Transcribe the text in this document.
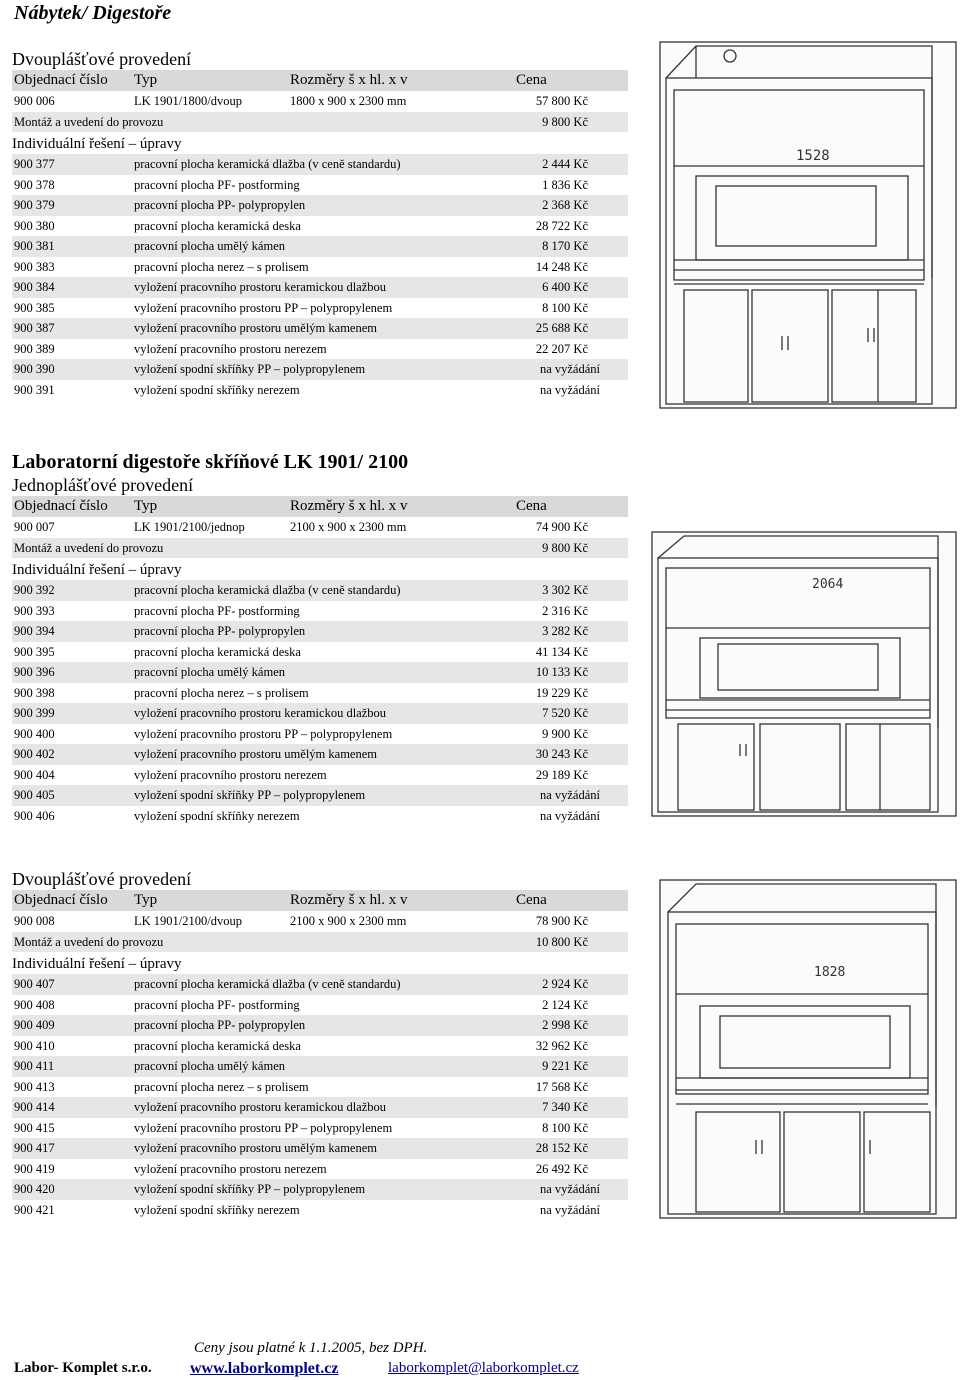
Nábytek/ Digestoře
Dvouplášťové provedení
Objednací číslo Typ	Rozměry š x hl. x v	Cena
900 006	LK 1901/1800/dvoup	1800 x 900 x 2300 mm	57 800 Kč
Montáž a uvedení do provozu	9 800 Kč
Individuální řešení – úpravy
900 377	pracovní plocha keramická dlažba (v ceně standardu)	2 444 Kč
900 378	pracovní plocha PF- postforming	1 836 Kč
900 379	pracovní plocha PP- polypropylen	2 368 Kč
900 380	pracovní plocha keramická deska	28 722 Kč
900 381	pracovní plocha umělý kámen	8 170 Kč
900 383	pracovní plocha nerez – s prolisem	14 248 Kč
900 384	vyložení pracovního prostoru keramickou dlažbou	6 400 Kč
900 385	vyložení pracovního prostoru PP – polypropylenem	8 100 Kč
900 387	vyložení pracovního prostoru umělým kamenem	25 688 Kč
900 389	vyložení pracovního prostoru nerezem	22 207 Kč
900 390	vyložení spodní skříňky PP – polypropylenem	na vyžádání
900 391	vyložení spodní skříňky nerezem	na vyžádání
Laboratorní digestoře skříňové LK 1901/ 2100
Jednoplášťové provedení
Objednací číslo Typ	Rozměry š x hl. x v	Cena
900 007	LK 1901/2100/jednop	2100 x 900 x 2300 mm	74 900 Kč
Montáž a uvedení do provozu	9 800 Kč
Individuální řešení – úpravy
900 392	pracovní plocha keramická dlažba (v ceně standardu)	3 302 Kč
900 393	pracovní plocha PF- postforming	2 316 Kč
900 394	pracovní plocha PP- polypropylen	3 282 Kč
900 395	pracovní plocha keramická deska	41 134 Kč
900 396	pracovní plocha umělý kámen	10 133 Kč
900 398	pracovní plocha nerez – s prolisem	19 229 Kč
900 399	vyložení pracovního prostoru keramickou dlažbou	7 520 Kč
900 400	vyložení pracovního prostoru PP – polypropylenem	9 900 Kč
900 402	vyložení pracovního prostoru umělým kamenem	30 243 Kč
900 404	vyložení pracovního prostoru nerezem	29 189 Kč
900 405	vyložení spodní skříňky PP – polypropylenem	na vyžádání
900 406	vyložení spodní skříňky nerezem	na vyžádání
Dvouplášťové provedení
Objednací číslo Typ	Rozměry š x hl. x v	Cena
900 008	LK 1901/2100/dvoup	2100 x 900 x 2300 mm	78 900 Kč
Montáž a uvedení do provozu	10 800 Kč
Individuální řešení – úpravy
900 407	pracovní plocha keramická dlažba (v ceně standardu)	2 924 Kč
900 408	pracovní plocha PF- postforming	2 124 Kč
900 409	pracovní plocha PP- polypropylen	2 998 Kč
900 410	pracovní plocha keramická deska	32 962 Kč
900 411	pracovní plocha umělý kámen	9 221 Kč
900 413	pracovní plocha nerez – s prolisem	17 568 Kč
900 414	vyložení pracovního prostoru keramickou dlažbou	7 340 Kč
900 415	vyložení pracovního prostoru PP – polypropylenem	8 100 Kč
900 417	vyložení pracovního prostoru umělým kamenem	28 152 Kč
900 419	vyložení pracovního prostoru nerezem	26 492 Kč
900 420	vyložení spodní skříňky PP – polypropylenem	na vyžádání
900 421	vyložení spodní skříňky nerezem	na vyžádání
1528
2064
1828
Ceny jsou platné k 1.1.2005, bez DPH.
Labor- Komplet s.r.o. www.laborkomplet.cz	laborkomplet@laborkomplet.cz
